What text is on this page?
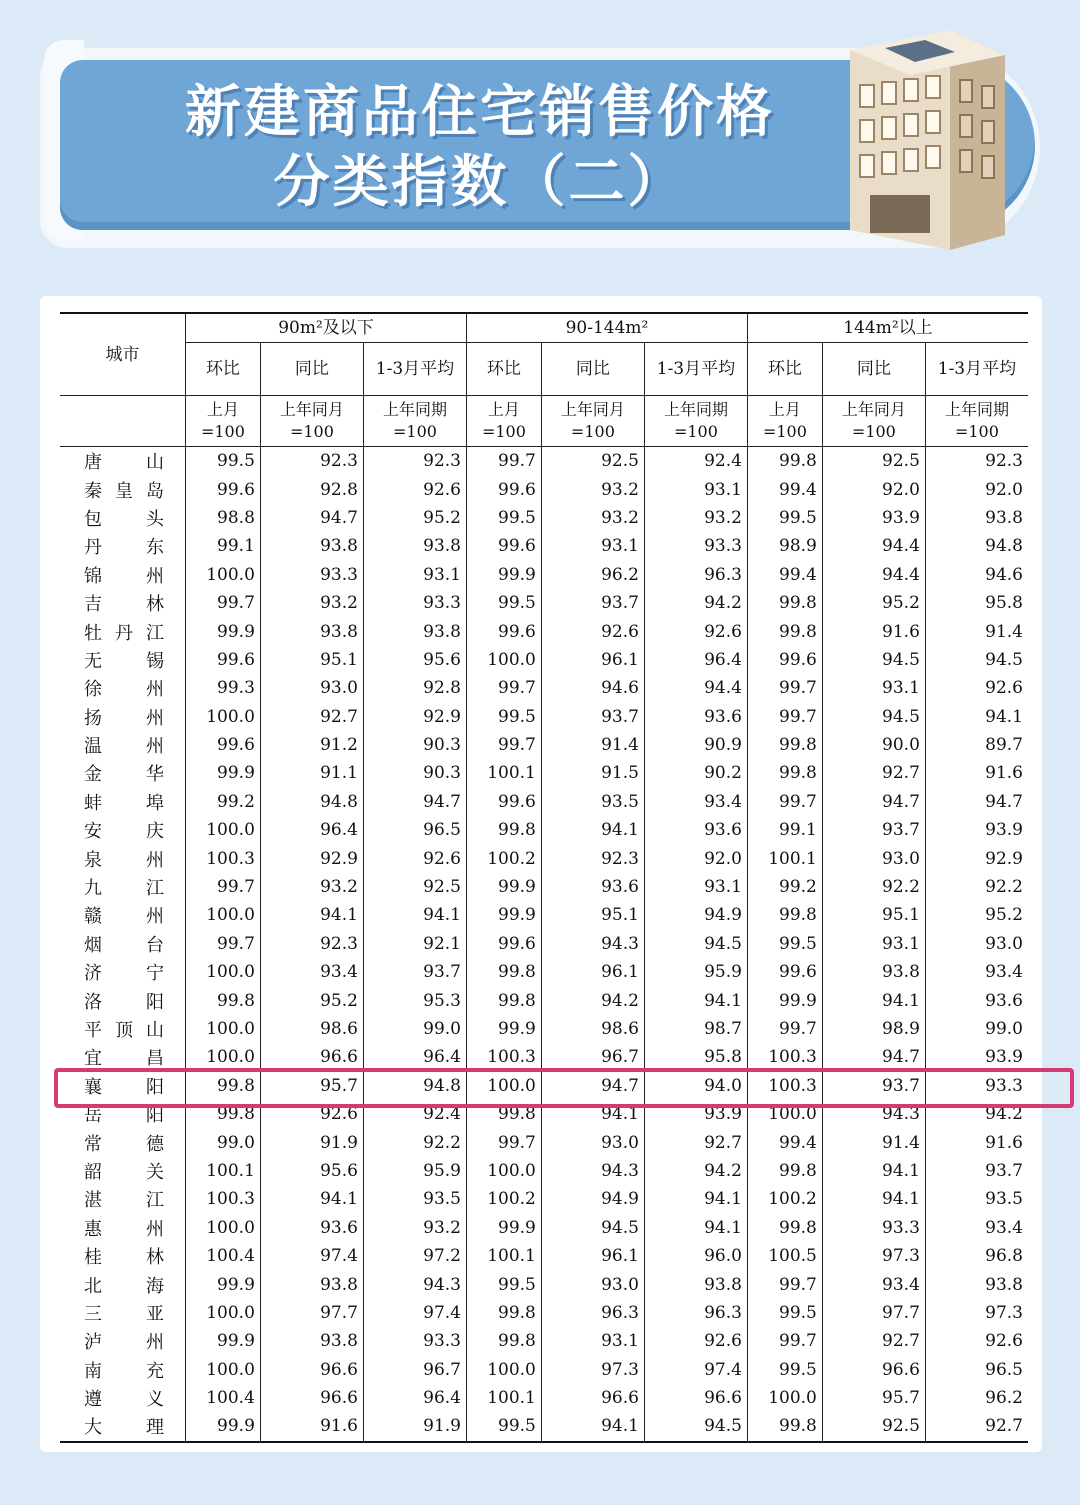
新建商品住宅销售价格
分类指数（二）
城市	90m²及以下			90-144m²			144m²以上		
	环比	同比	1-3月平均	环比	同比	1-3月平均	环比	同比	1-3月平均
	上月=100	上年同月=100	上年同期=100	上月=100	上年同月=100	上年同期=100	上月=100	上年同月=100	上年同期=100
唐 山	99.5	92.3	92.3	99.7	92.5	92.4	99.8	92.5	92.3
秦 皇 岛	99.6	92.8	92.6	99.6	93.2	93.1	99.4	92.0	92.0
包 头	98.8	94.7	95.2	99.5	93.2	93.2	99.5	93.9	93.8
丹 东	99.1	93.8	93.8	99.6	93.1	93.3	98.9	94.4	94.8
锦 州	100.0	93.3	93.1	99.9	96.2	96.3	99.4	94.4	94.6
吉 林	99.7	93.2	93.3	99.5	93.7	94.2	99.8	95.2	95.8
牡 丹 江	99.9	93.8	93.8	99.6	92.6	92.6	99.8	91.6	91.4
无 锡	99.6	95.1	95.6	100.0	96.1	96.4	99.6	94.5	94.5
徐 州	99.3	93.0	92.8	99.7	94.6	94.4	99.7	93.1	92.6
扬 州	100.0	92.7	92.9	99.5	93.7	93.6	99.7	94.5	94.1
温 州	99.6	91.2	90.3	99.7	91.4	90.9	99.8	90.0	89.7
金 华	99.9	91.1	90.3	100.1	91.5	90.2	99.8	92.7	91.6
蚌 埠	99.2	94.8	94.7	99.6	93.5	93.4	99.7	94.7	94.7
安 庆	100.0	96.4	96.5	99.8	94.1	93.6	99.1	93.7	93.9
泉 州	100.3	92.9	92.6	100.2	92.3	92.0	100.1	93.0	92.9
九 江	99.7	93.2	92.5	99.9	93.6	93.1	99.2	92.2	92.2
赣 州	100.0	94.1	94.1	99.9	95.1	94.9	99.8	95.1	95.2
烟 台	99.7	92.3	92.1	99.6	94.3	94.5	99.5	93.1	93.0
济 宁	100.0	93.4	93.7	99.8	96.1	95.9	99.6	93.8	93.4
洛 阳	99.8	95.2	95.3	99.8	94.2	94.1	99.9	94.1	93.6
平 顶 山	100.0	98.6	99.0	99.9	98.6	98.7	99.7	98.9	99.0
宜 昌	100.0	96.6	96.4	100.3	96.7	95.8	100.3	94.7	93.9
襄 阳	99.8	95.7	94.8	100.0	94.7	94.0	100.3	93.7	93.3
岳 阳	99.8	92.6	92.4	99.8	94.1	93.9	100.0	94.3	94.2
常 德	99.0	91.9	92.2	99.7	93.0	92.7	99.4	91.4	91.6
韶 关	100.1	95.6	95.9	100.0	94.3	94.2	99.8	94.1	93.7
湛 江	100.3	94.1	93.5	100.2	94.9	94.1	100.2	94.1	93.5
惠 州	100.0	93.6	93.2	99.9	94.5	94.1	99.8	93.3	93.4
桂 林	100.4	97.4	97.2	100.1	96.1	96.0	100.5	97.3	96.8
北 海	99.9	93.8	94.3	99.5	93.0	93.8	99.7	93.4	93.8
三 亚	100.0	97.7	97.4	99.8	96.3	96.3	99.5	97.7	97.3
泸 州	99.9	93.8	93.3	99.8	93.1	92.6	99.7	92.7	92.6
南 充	100.0	96.6	96.7	100.0	97.3	97.4	99.5	96.6	96.5
遵 义	100.4	96.6	96.4	100.1	96.6	96.6	100.0	95.7	96.2
大 理	99.9	91.6	91.9	99.5	94.1	94.5	99.8	92.5	92.7
